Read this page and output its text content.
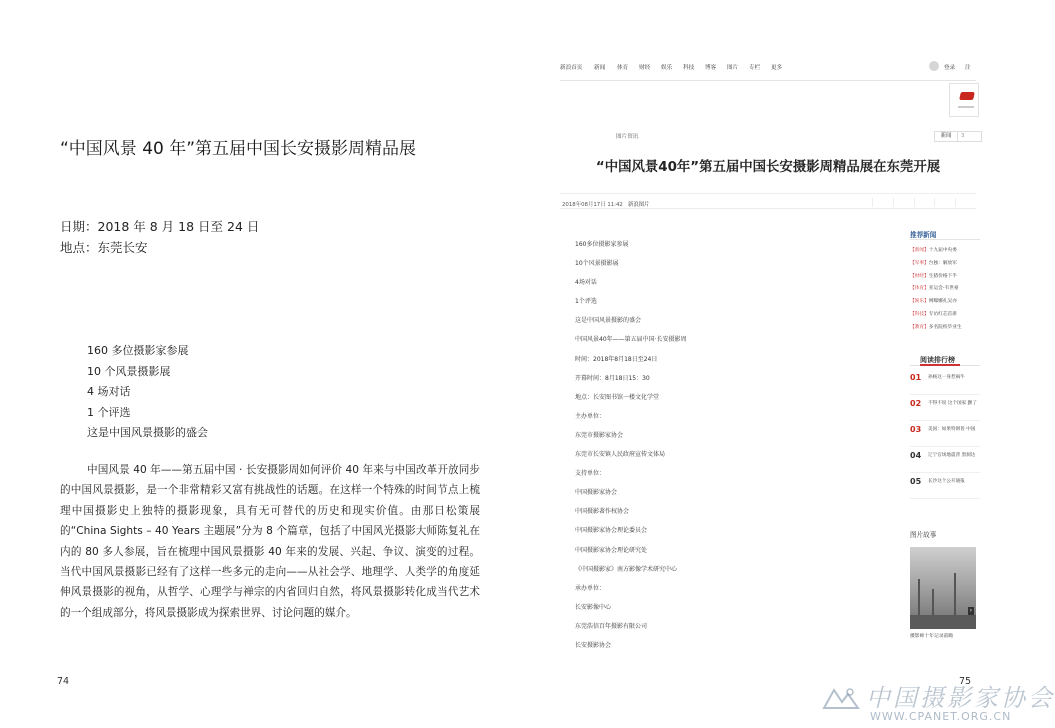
“中国风景 40 年”第五届中国长安摄影周精品展
日期：2018 年 8 月 18 日至 24 日
地点：东莞长安
160 多位摄影家参展
10 个风景摄影展
4 场对话
1 个评选
这是中国风景摄影的盛会

中国风景 40 年——第五届中国 · 长安摄影周如何评价 40 年来与中国改革开放同步的中国风景摄影，是一个非常精彩又富有挑战性的话题。在这样一个特殊的时间节点上梳理中国摄影史上独特的摄影现象，具有无可替代的历史和现实价值。由那日松策展的“China Sights – 40 Years 主题展”分为 8 个篇章，包括了中国风光摄影大师陈复礼在内的 80 多人参展，旨在梳理中国风景摄影 40 年来的发展、兴起、争议、演变的过程。当代中国风景摄影已经有了这样一些多元的走向——从社会学、地理学、人类学的角度延伸风景摄影的视角，从哲学、心理学与禅宗的内省回归自然，将风景摄影转化成当代艺术的一个组成部分，将风景摄影成为探索世界、讨论问题的媒介。

74
新浪首页 新闻 体育 财经 娱乐 科技 博客 图片 专栏 更多	登录 注
图片资讯	新闻	3
“中国风景40年”第五届中国长安摄影周精品展在东莞开展
2018年08月17日 11:42 新浪图片
160多位摄影家参展
10个风景摄影展
4场对话
1个评选
这是中国风景摄影的盛会
中国风景40年——第五届中国·长安摄影周
时间：2018年8月18日至24日
开幕时间：8月18日15：30
地点：长安图书馆一楼文化学堂
主办单位：
东莞市摄影家协会
东莞市长安镇人民政府宣传文体局
支持单位：
中国摄影家协会
中国摄影著作权协会
中国摄影家协会理论委员会
中国摄影家协会理论研究处
《中国摄影家》南方影像学术研究中心
承办单位：
长安影像中心
东莞浩信百年摄影有限公司
长安摄影协会
推荐新闻
【新闻】十九届中央委
【军事】台独：解放军
【财经】生猪价格下半
【体育】亚运会-韦世豪
【娱乐】网曝娜扎吴亦
【科技】专访红芯首席
【教育】多名院校毕业生
阅读排行榜
01 孙杨这一身惹祸牛
02 不得不说 这个国家 颤了
03 美国：如果特朗普 中国
04 辽宁官场地震背 黑洞达
05 长沙这个公开通报
图片故事
›
摄影师十年记录前瞻
75
中国摄影家协会
WWW.CPANET.ORG.CN
